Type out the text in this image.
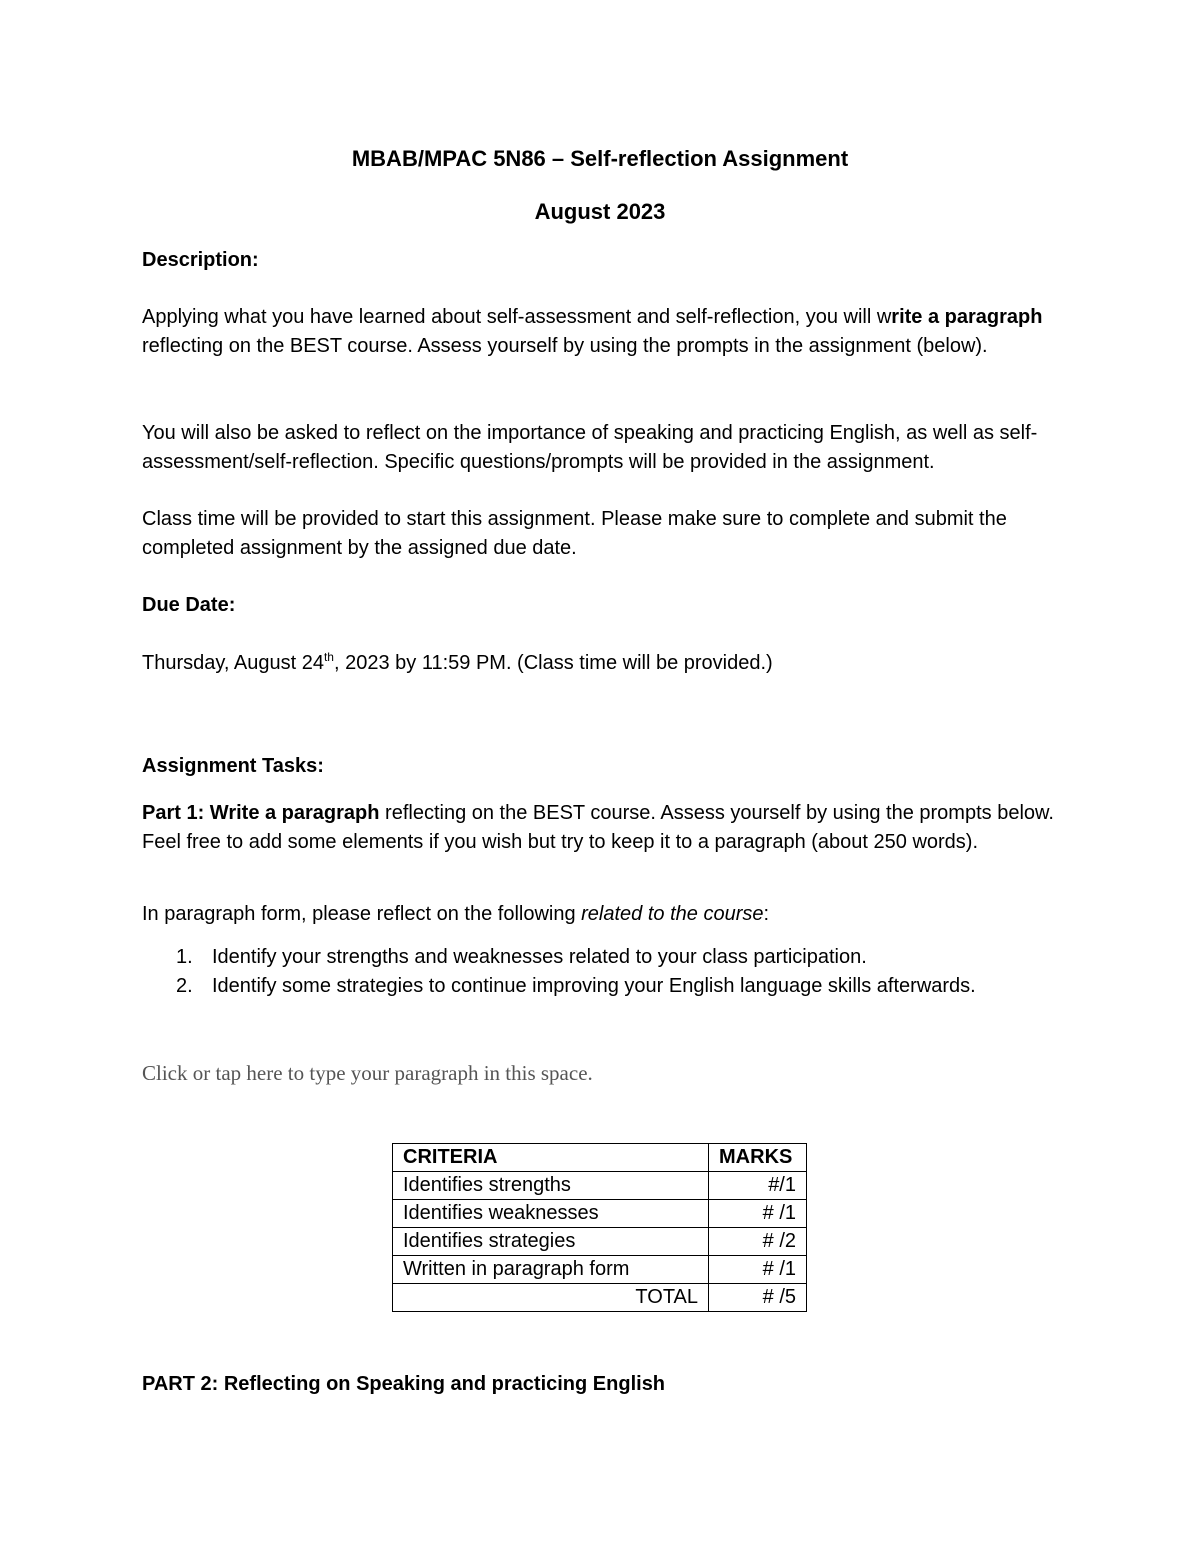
MBAB/MPAC 5N86 – Self-reflection Assignment
August 2023
Description:

Applying what you have learned about self-assessment and self-reflection, you will write a paragraph reflecting on the BEST course. Assess yourself by using the prompts in the assignment (below).

You will also be asked to reflect on the importance of speaking and practicing English, as well as self-assessment/self-reflection. Specific questions/prompts will be provided in the assignment.

Class time will be provided to start this assignment. Please make sure to complete and submit the completed assignment by the assigned due date.

Due Date:

Thursday, August 24th, 2023 by 11:59 PM. (Class time will be provided.)

Assignment Tasks:

Part 1: Write a paragraph reflecting on the BEST course. Assess yourself by using the prompts below. Feel free to add some elements if you wish but try to keep it to a paragraph (about 250 words).

In paragraph form, please reflect on the following related to the course:

1. Identify your strengths and weaknesses related to your class participation.
2. Identify some strategies to continue improving your English language skills afterwards.
Click or tap here to type your paragraph in this space.
CRITERIA	MARKS
Identifies strengths	#/1
Identifies weaknesses	# /1
Identifies strategies	# /2
Written in paragraph form	# /1
TOTAL	# /5
PART 2: Reflecting on Speaking and practicing English
